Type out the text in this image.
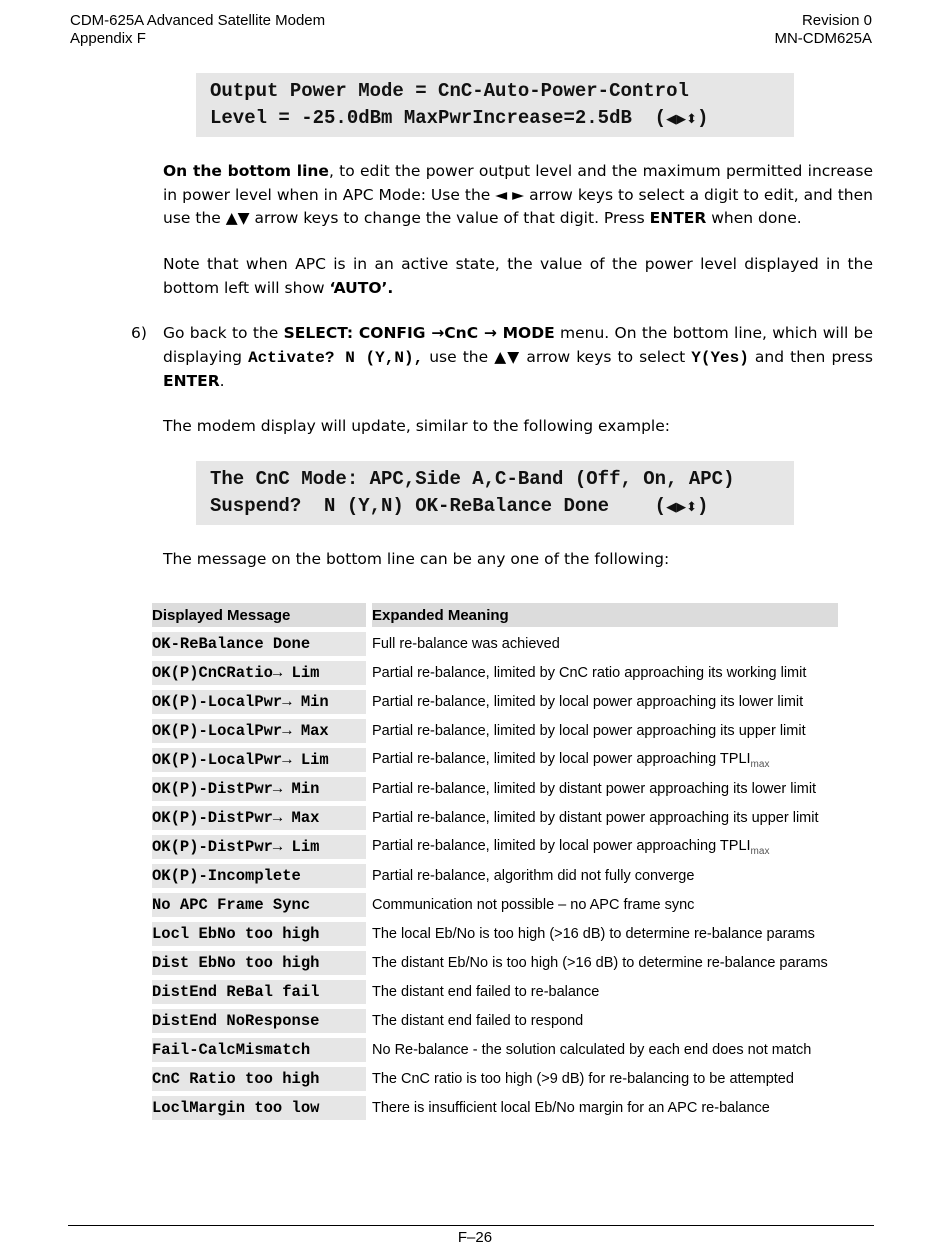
CDM-625A Advanced Satellite Modem
Appendix F
Revision 0
MN-CDM625A
Output Power Mode = CnC-Auto-Power-Control
Level = -25.0dBm MaxPwrIncrease=2.5dB  (◀▶⬍)
On the bottom line, to edit the power output level and the maximum permitted increase in power level when in APC Mode: Use the ◄ ► arrow keys to select a digit to edit, and then use the ▲▼ arrow keys to change the value of that digit. Press ENTER when done.
Note that when APC is in an active state, the value of the power level displayed in the bottom left will show ‘AUTO’.
6) Go back to the SELECT: CONFIG →CnC → MODE menu. On the bottom line, which will be displaying Activate? N (Y,N), use the ▲▼ arrow keys to select Y(Yes) and then press ENTER.
The modem display will update, similar to the following example:
The CnC Mode: APC,Side A,C-Band (Off, On, APC)
Suspend?  N (Y,N) OK-ReBalance Done    (◀▶⬍)
The message on the bottom line can be any one of the following:
Displayed Message		Expanded Meaning
OK-ReBalance Done		Full re-balance was achieved
OK(P)CnCRatio→ Lim		Partial re-balance, limited by CnC ratio approaching its working limit
OK(P)-LocalPwr→ Min		Partial re-balance, limited by local power approaching its lower limit
OK(P)-LocalPwr→ Max		Partial re-balance, limited by local power approaching its upper limit
OK(P)-LocalPwr→ Lim		Partial re-balance, limited by local power approaching $TPLI_{max}$
OK(P)-DistPwr→ Min		Partial re-balance, limited by distant power approaching its lower limit
OK(P)-DistPwr→ Max		Partial re-balance, limited by distant power approaching its upper limit
OK(P)-DistPwr→ Lim		Partial re-balance, limited by local power approaching $TPLI_{max}$
OK(P)-Incomplete		Partial re-balance, algorithm did not fully converge
No APC Frame Sync		Communication not possible – no APC frame sync
Locl EbNo too high		The local Eb/No is too high (>16 dB) to determine re-balance params
Dist EbNo too high		The distant Eb/No is too high (>16 dB) to determine re-balance params
DistEnd ReBal fail		The distant end failed to re-balance
DistEnd NoResponse		The distant end failed to respond
Fail-CalcMismatch		No Re-balance - the solution calculated by each end does not match
CnC Ratio too high		The CnC ratio is too high (>9 dB) for re-balancing to be attempted
LoclMargin too low		There is insufficient local Eb/No margin for an APC re-balance
F–26
